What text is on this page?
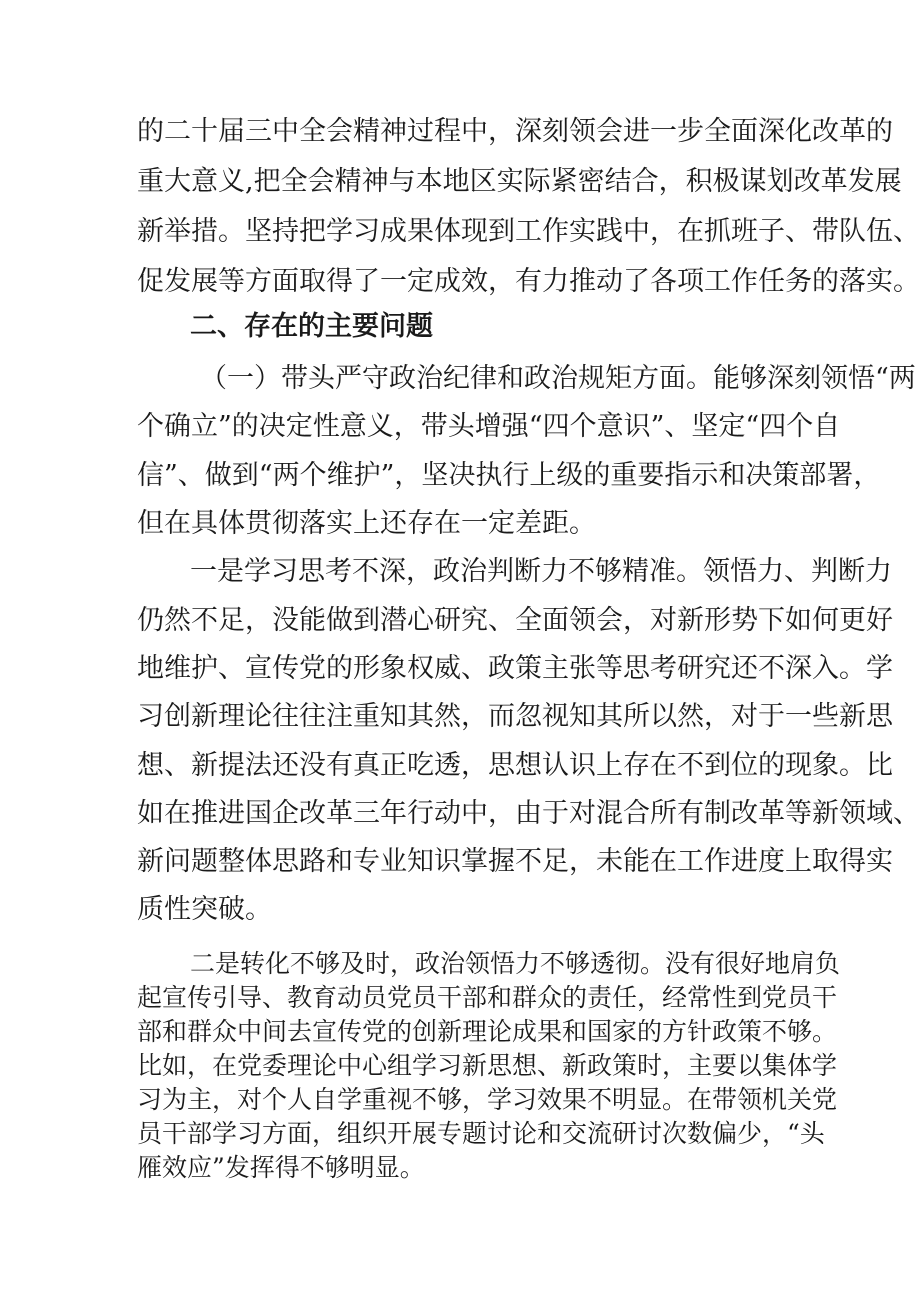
的二十届三中全会精神过程中，深刻领会进一步全面深化改革的
重大意义,把全会精神与本地区实际紧密结合，积极谋划改革发展
新举措。坚持把学习成果体现到工作实践中，在抓班子、带队伍、
促发展等方面取得了一定成效，有力推动了各项工作任务的落实。
二、存在的主要问题
（一）带头严守政治纪律和政治规矩方面。能够深刻领悟“两
个确立”的决定性意义，带头增强“四个意识”、坚定“四个自
信”、做到“两个维护”，坚决执行上级的重要指示和决策部署，
但在具体贯彻落实上还存在一定差距。
一是学习思考不深，政治判断力不够精准。领悟力、判断力
仍然不足，没能做到潜心研究、全面领会，对新形势下如何更好
地维护、宣传党的形象权威、政策主张等思考研究还不深入。学
习创新理论往往注重知其然，而忽视知其所以然，对于一些新思
想、新提法还没有真正吃透，思想认识上存在不到位的现象。比
如在推进国企改革三年行动中，由于对混合所有制改革等新领域、
新问题整体思路和专业知识掌握不足，未能在工作进度上取得实
质性突破。
二是转化不够及时，政治领悟力不够透彻。没有很好地肩负
起宣传引导、教育动员党员干部和群众的责任，经常性到党员干
部和群众中间去宣传党的创新理论成果和国家的方针政策不够。
比如，在党委理论中心组学习新思想、新政策时，主要以集体学
习为主，对个人自学重视不够，学习效果不明显。在带领机关党
员干部学习方面，组织开展专题讨论和交流研讨次数偏少，“头
雁效应”发挥得不够明显。
